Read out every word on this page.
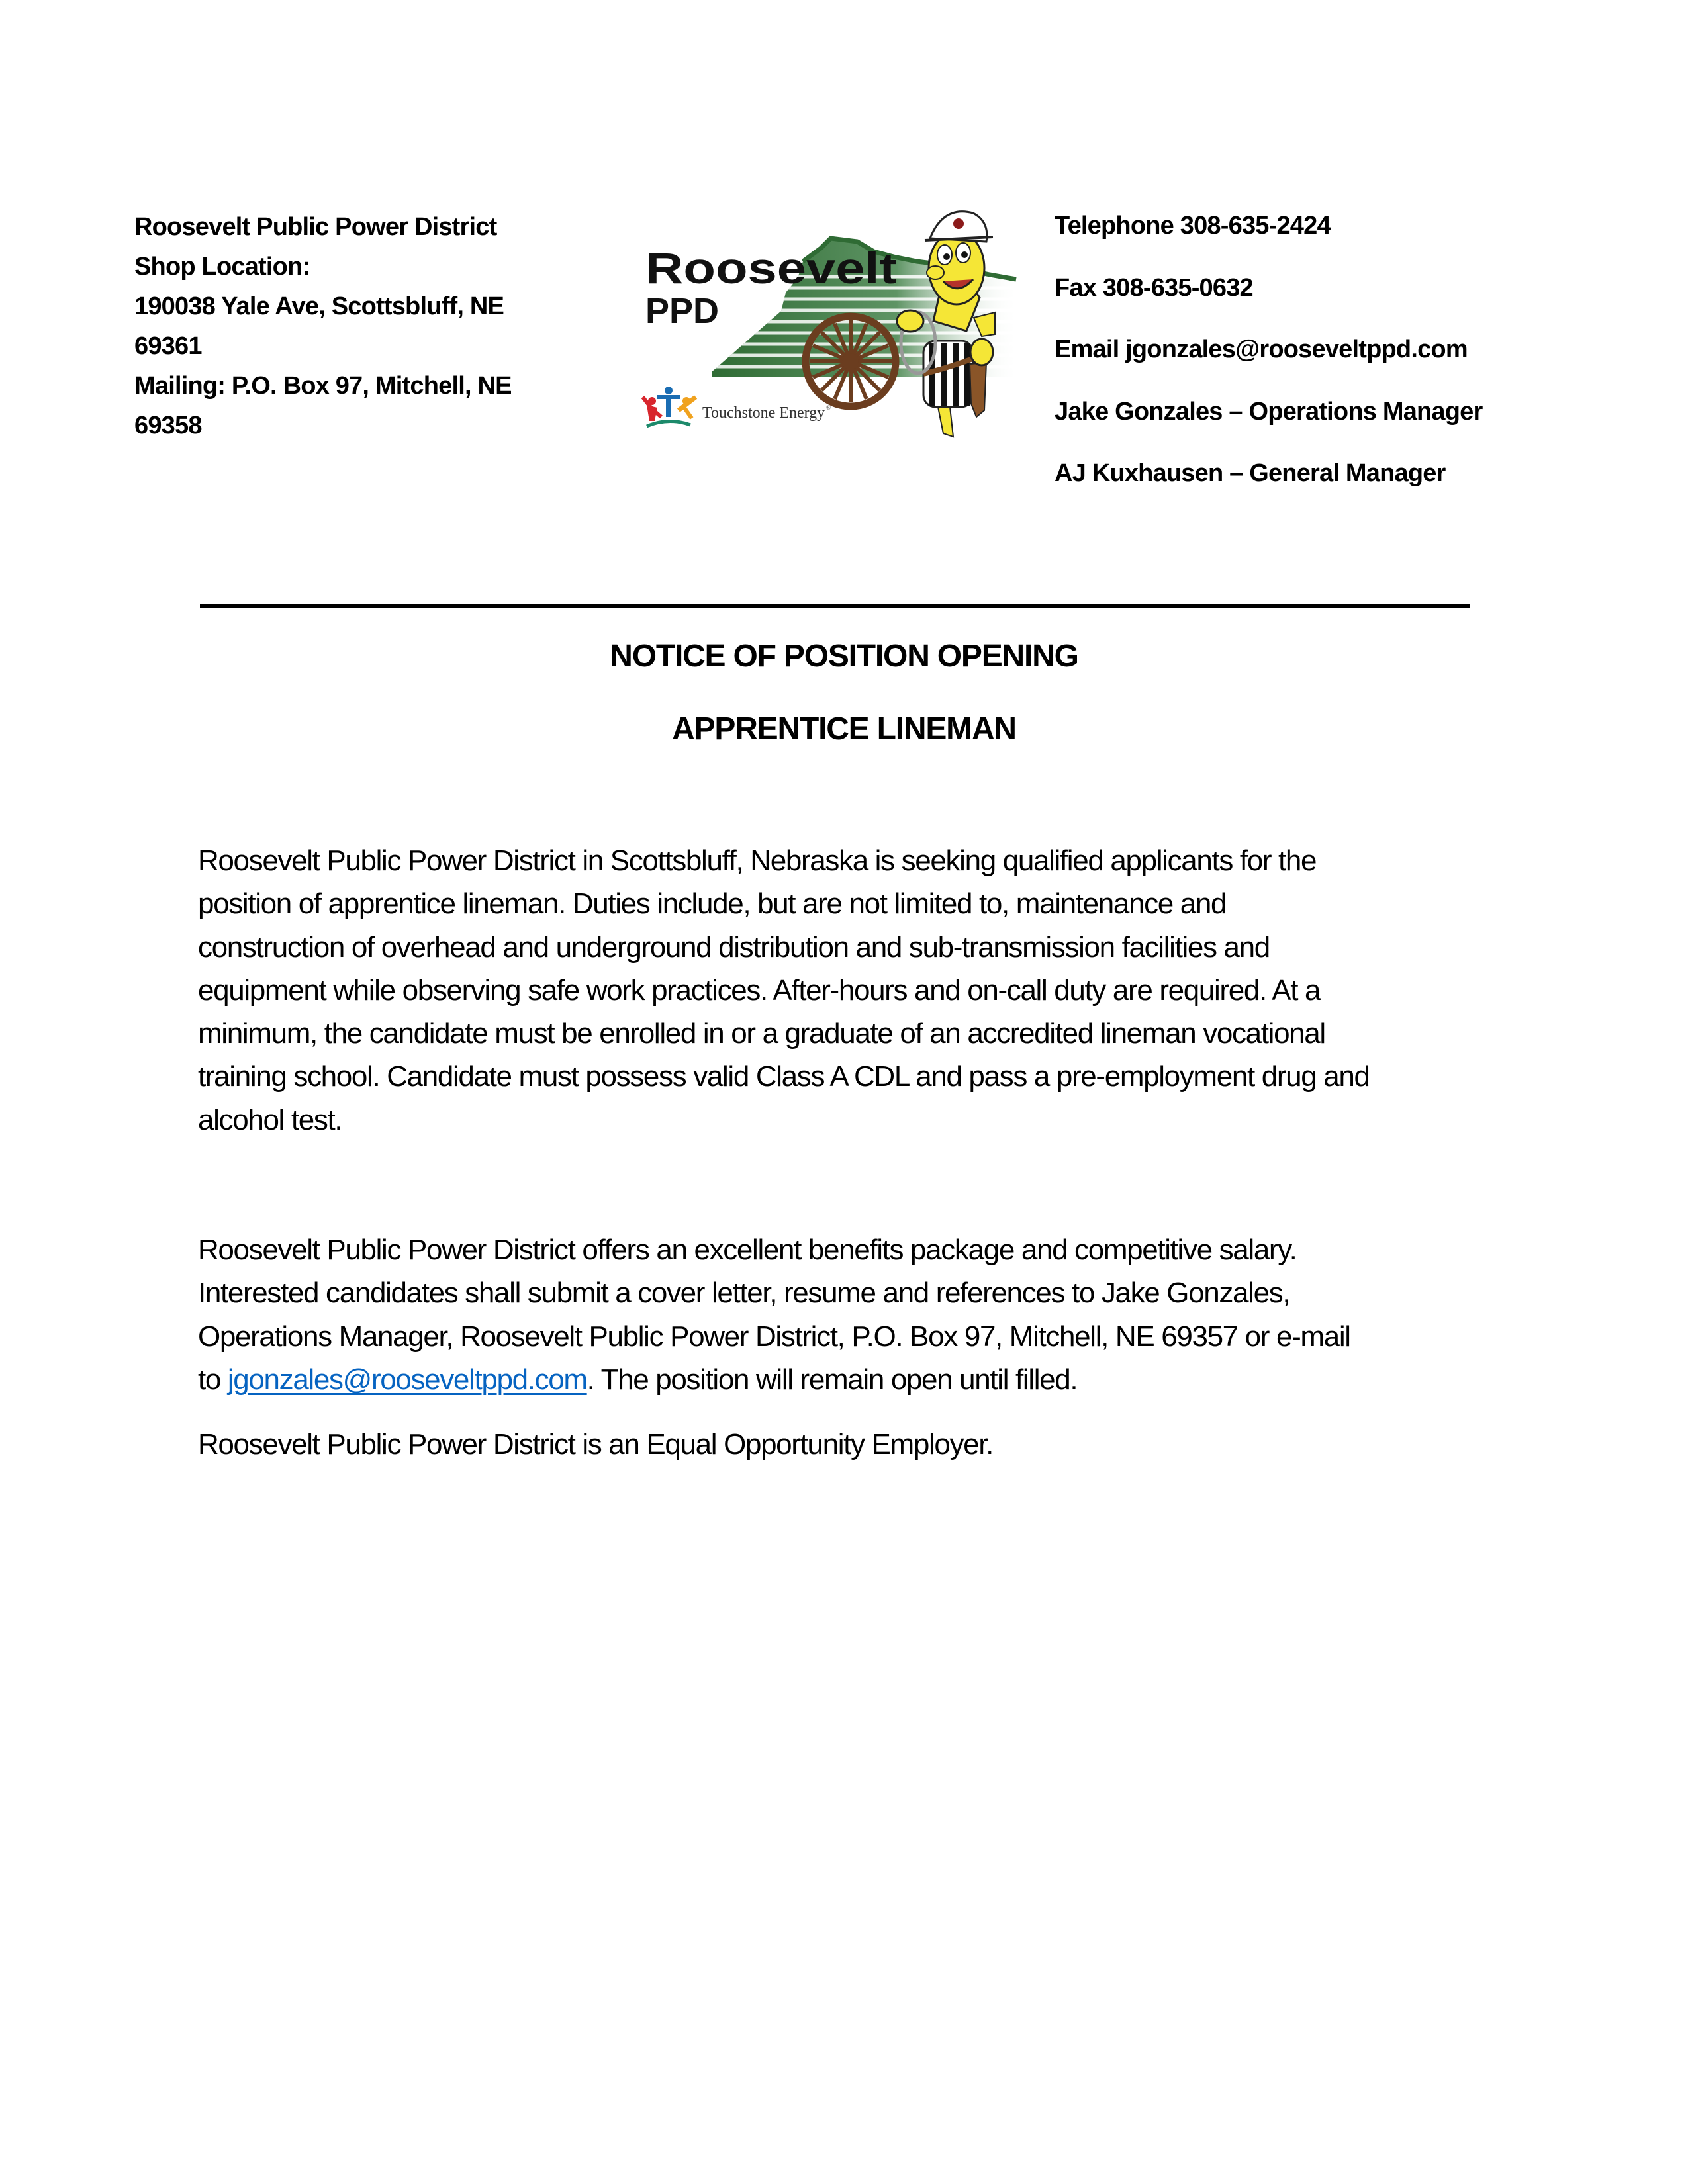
Roosevelt Public Power District
Shop Location:
190038 Yale Ave, Scottsbluff, NE
69361
Mailing: P.O. Box 97, Mitchell, NE
69358
Roosevelt
PPD
Touchstone Energy ®
Telephone 308-635-2424
Fax 308-635-0632
Email jgonzales@rooseveltppd.com
Jake Gonzales – Operations Manager
AJ Kuxhausen – General Manager
NOTICE OF POSITION OPENING
APPRENTICE LINEMAN
Roosevelt Public Power District in Scottsbluff, Nebraska is seeking qualified applicants for the
position of apprentice lineman. Duties include, but are not limited to, maintenance and
construction of overhead and underground distribution and sub-transmission facilities and
equipment while observing safe work practices. After-hours and on-call duty are required. At a
minimum, the candidate must be enrolled in or a graduate of an accredited lineman vocational
training school. Candidate must possess valid Class A CDL and pass a pre-employment drug and
alcohol test.
Roosevelt Public Power District offers an excellent benefits package and competitive salary.
Interested candidates shall submit a cover letter, resume and references to Jake Gonzales,
Operations Manager, Roosevelt Public Power District, P.O. Box 97, Mitchell, NE 69357 or e-mail
to jgonzales@rooseveltppd.com. The position will remain open until filled.
Roosevelt Public Power District is an Equal Opportunity Employer.
